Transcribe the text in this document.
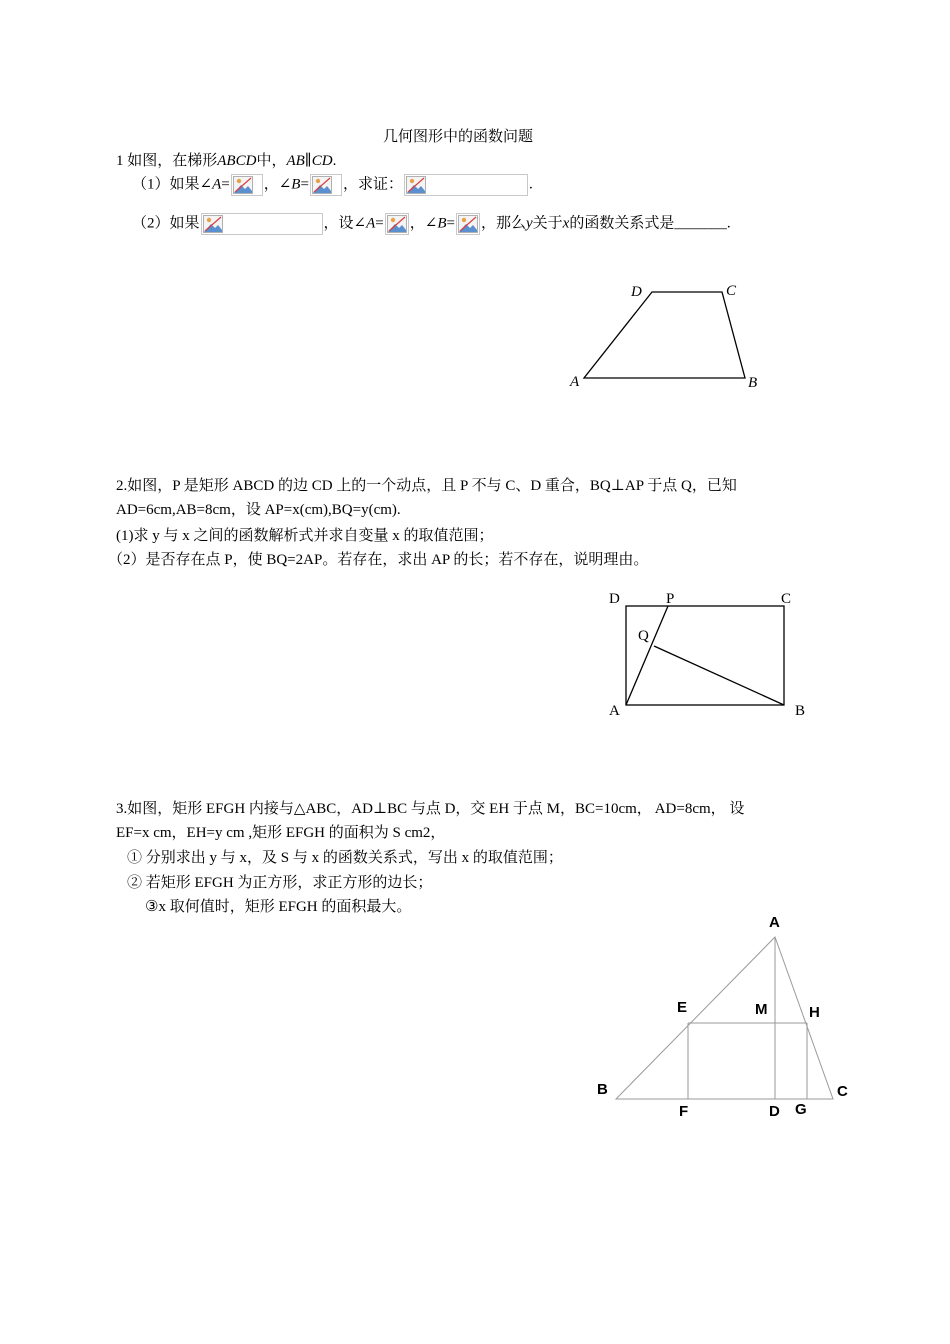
几何图形中的函数问题
1 如图，在梯形ABCD中，AB∥CD.
（1）如果∠A= ，∠B= ，求证：	.
（2）如果	，设∠A= ，∠B= ，那么y关于x的函数关系式是_______.
D	C
A	B
2.如图，P 是矩形 ABCD 的边 CD 上的一个动点，且 P 不与 C、D 重合，BQ⊥AP 于点 Q，已知
AD=6cm,AB=8cm，设 AP=x(cm),BQ=y(cm).
(1)求 y 与 x 之间的函数解析式并求自变量 x 的取值范围；
（2）是否存在点 P，使 BQ=2AP。若存在，求出 AP 的长；若不存在，说明理由。
D	P	C
Q
A	B
3.如图，矩形 EFGH 内接与△ABC，AD⊥BC 与点 D，交 EH 于点 M，BC=10cm， AD=8cm， 设
EF=x cm，EH=y cm ,矩形 EFGH 的面积为 S cm2，
① 分别求出 y 与 x，及 S 与 x 的函数关系式，写出 x 的取值范围；
② 若矩形 EFGH 为正方形，求正方形的边长；
③x 取何值时，矩形 EFGH 的面积最大。
A
E	M	H
B	C
F	D G
